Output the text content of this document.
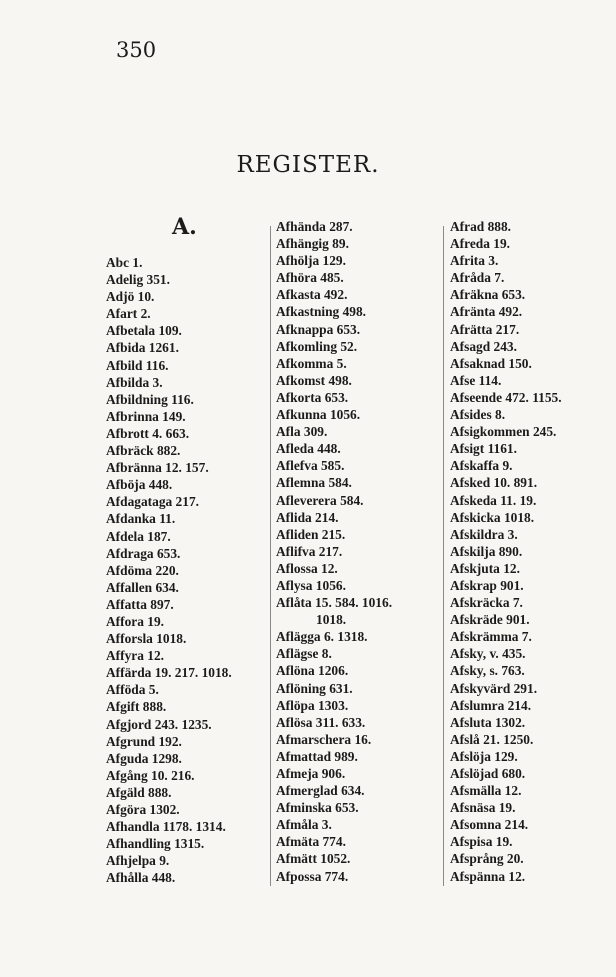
350
REGISTER.
A.
Abc 1.
Adelig 351.
Adjö 10.
Afart 2.
Afbetala 109.
Afbida 1261.
Afbild 116.
Afbilda 3.
Afbildning 116.
Afbrinna 149.
Afbrott 4. 663.
Afbräck 882.
Afbränna 12. 157.
Afböja 448.
Afdagataga 217.
Afdanka 11.
Afdela 187.
Afdraga 653.
Afdöma 220.
Affallen 634.
Affatta 897.
Affora 19.
Afforsla 1018.
Affyra 12.
Affärda 19. 217. 1018.
Afföda 5.
Afgift 888.
Afgjord 243. 1235.
Afgrund 192.
Afguda 1298.
Afgång 10. 216.
Afgäld 888.
Afgöra 1302.
Afhandla 1178. 1314.
Afhandling 1315.
Afhjelpa 9.
Afhålla 448.
Afhända 287.
Afhängig 89.
Afhölja 129.
Afhöra 485.
Afkasta 492.
Afkastning 498.
Afknappa 653.
Afkomling 52.
Afkomma 5.
Afkomst 498.
Afkorta 653.
Afkunna 1056.
Afla 309.
Afleda 448.
Aflefva 585.
Aflemna 584.
Afleverera 584.
Aflida 214.
Afliden 215.
Aflifva 217.
Aflossa 12.
Aflysa 1056.
Aflåta 15. 584. 1016.
1018.
Aflägga 6. 1318.
Aflägse 8.
Aflöna 1206.
Aflöning 631.
Aflöpa 1303.
Aflösa 311. 633.
Afmarschera 16.
Afmattad 989.
Afmeja 906.
Afmerglad 634.
Afminska 653.
Afmåla 3.
Afmäta 774.
Afmätt 1052.
Afpossa 774.
Afrad 888.
Afreda 19.
Afrita 3.
Afråda 7.
Afräkna 653.
Afränta 492.
Afrätta 217.
Afsagd 243.
Afsaknad 150.
Afse 114.
Afseende 472. 1155.
Afsides 8.
Afsigkommen 245.
Afsigt 1161.
Afskaffa 9.
Afsked 10. 891.
Afskeda 11. 19.
Afskicka 1018.
Afskildra 3.
Afskilja 890.
Afskjuta 12.
Afskrap 901.
Afskräcka 7.
Afskräde 901.
Afskrämma 7.
Afsky, v. 435.
Afsky, s. 763.
Afskyvärd 291.
Afslumra 214.
Afsluta 1302.
Afslå 21. 1250.
Afslöja 129.
Afslöjad 680.
Afsmälla 12.
Afsnäsa 19.
Afsomna 214.
Afspisa 19.
Afsprång 20.
Afspänna 12.
